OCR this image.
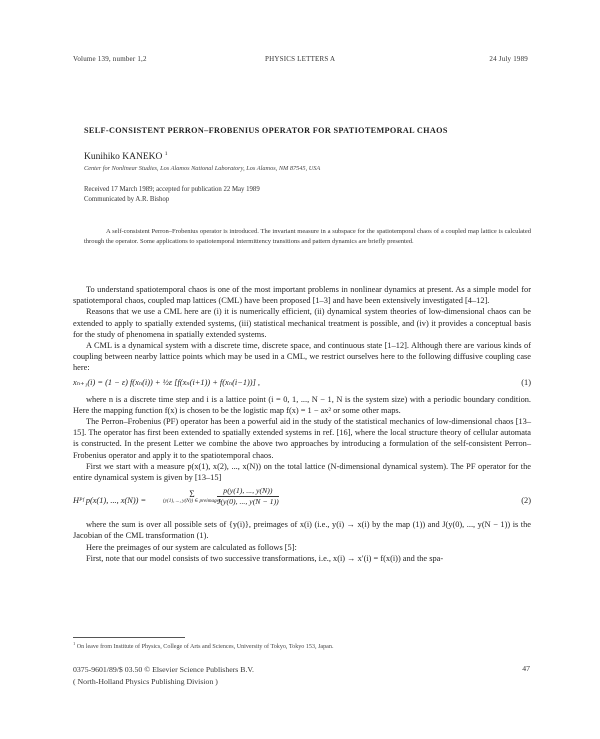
Volume 139, number 1,2	PHYSICS LETTERS A	24 July 1989
SELF-CONSISTENT PERRON–FROBENIUS OPERATOR FOR SPATIOTEMPORAL CHAOS
Kunihiko KANEKO $^1$
Center for Nonlinear Studies, Los Alamos National Laboratory, Los Alamos, NM 87545, USA
Received 17 March 1989; accepted for publication 22 May 1989
Communicated by A.R. Bishop
A self-consistent Perron–Frobenius operator is introduced. The invariant measure in a subspace for the spatiotemporal chaos of a coupled map lattice is calculated through the operator. Some applications to spatiotemporal intermittency transitions and pattern dynamics are briefly presented.

To understand spatiotemporal chaos is one of the most important problems in nonlinear dynamics at present. As a simple model for spatiotemporal chaos, coupled map lattices (CML) have been proposed [1–3] and have been extensively investigated [4–12].

Reasons that we use a CML here are (i) it is numerically efficient, (ii) dynamical system theories of low-dimensional chaos can be extended to apply to spatially extended systems, (iii) statistical mechanical treatment is possible, and (iv) it provides a conceptual basis for the study of phenomena in spatially extended systems.

A CML is a dynamical system with a discrete time, discrete space, and continuous state [1–12]. Although there are various kinds of coupling between nearby lattice points which may be used in a CML, we restrict ourselves here to the following diffusive coupling case here:

xₙ₊₁(i) = (1 − ε) f(xₙ(i)) + ½ε [f(xₙ(i+1)) + f(xₙ(i−1))] ,	(1)

where n is a discrete time step and i is a lattice point (i = 0, 1, ..., N − 1, N is the system size) with a periodic boundary condition. Here the mapping function f(x) is chosen to be the logistic map f(x) = 1 − ax² or some other maps.

The Perron–Frobenius (PF) operator has been a powerful aid in the study of the statistical mechanics of low-dimensional chaos [13–15]. The operator has first been extended to spatially extended systems in ref. [16], where the local structure theory of cellular automata is constructed. In the present Letter we combine the above two approaches by introducing a formulation of the self-consistent Perron–Frobenius operator and apply it to the spatiotemporal chaos.

First we start with a measure p(x(1), x(2), ..., x(N)) on the total lattice (N-dimensional dynamical system). The PF operator for the entire dynamical system is given by [13–15]

Hᴾᶠ p(x(1), ..., x(N)) =
Σ
(y(1), ..., y(N)) ∈ preimages
$\frac{p(y(1), ..., y(N))}{J(y(0), ..., y(N - 1))}$	(2)

where the sum is over all possible sets of {y(i)}, preimages of x(i) (i.e., y(i) → x(i) by the map (1)) and J(y(0), ..., y(N − 1)) is the Jacobian of the CML transformation (1).

Here the preimages of our system are calculated as follows [5]:

First, note that our model consists of two successive transformations, i.e., x(i) → x′(i) = f(x(i)) and the spa-

$^1$ On leave from Institute of Physics, College of Arts and Sciences, University of Tokyo, Tokyo 153, Japan.
0375-9601/89/$ 03.50 © Elsevier Science Publishers B.V.
( North-Holland Physics Publishing Division )
47
